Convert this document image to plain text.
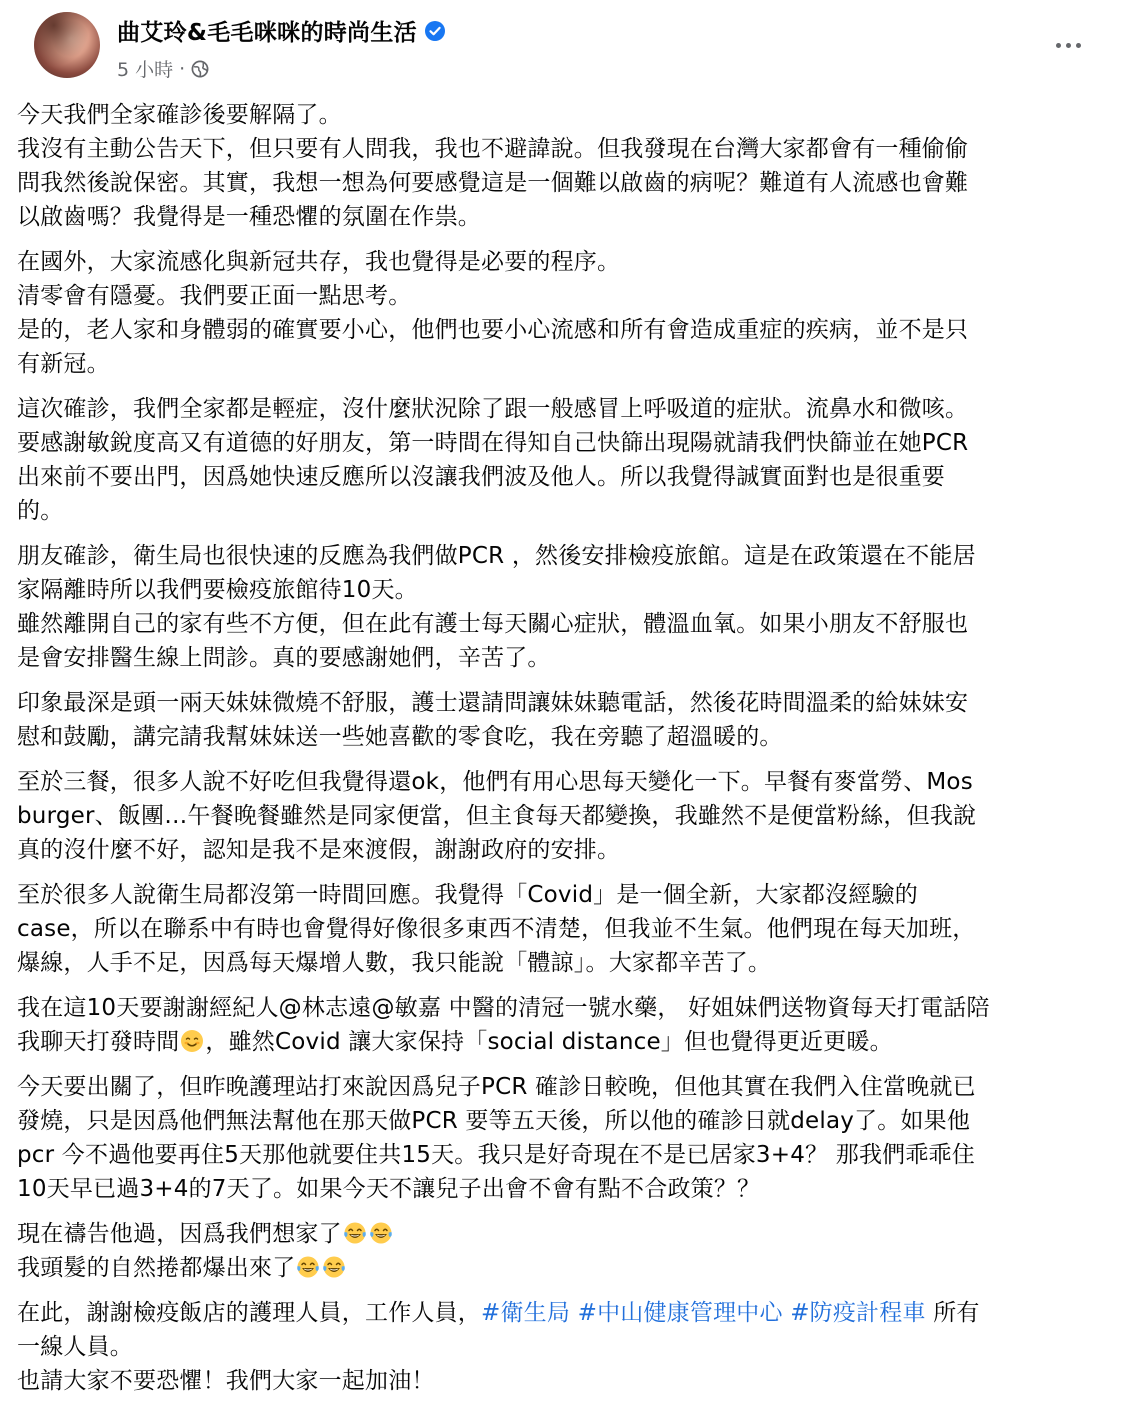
曲艾玲&毛毛咪咪的時尚生活
5 小時 ·
今天我們全家確診後要解隔了。
我沒有主動公告天下，但只要有人問我，我也不避諱說。但我發現在台灣大家都會有一種偷偷
問我然後說保密。其實，我想一想為何要感覺這是一個難以啟齒的病呢？難道有人流感也會難
以啟齒嗎？我覺得是一種恐懼的氛圍在作祟。
在國外，大家流感化與新冠共存，我也覺得是必要的程序。
清零會有隱憂。我們要正面一點思考。
是的，老人家和身體弱的確實要小心，他們也要小心流感和所有會造成重症的疾病，並不是只
有新冠。
這次確診，我們全家都是輕症，沒什麼狀況除了跟一般感冒上呼吸道的症狀。流鼻水和微咳。
要感謝敏銳度高又有道德的好朋友，第一時間在得知自己快篩出現陽就請我們快篩並在她PCR
出來前不要出門，因爲她快速反應所以沒讓我們波及他人。所以我覺得誠實面對也是很重要
的。
朋友確診，衛生局也很快速的反應為我們做PCR ，然後安排檢疫旅館。這是在政策還在不能居
家隔離時所以我們要檢疫旅館待10天。
雖然離開自己的家有些不方便，但在此有護士每天關心症狀，體溫血氧。如果小朋友不舒服也
是會安排醫生線上問診。真的要感謝她們，辛苦了。
印象最深是頭一兩天妹妹微燒不舒服，護士還請問讓妹妹聽電話，然後花時間溫柔的給妹妹安
慰和鼓勵，講完請我幫妹妹送一些她喜歡的零食吃，我在旁聽了超溫暖的。
至於三餐，很多人說不好吃但我覺得還ok，他們有用心思每天變化一下。早餐有麥當勞、Mos
burger、飯團…午餐晚餐雖然是同家便當，但主食每天都變換，我雖然不是便當粉絲，但我說
真的沒什麼不好，認知是我不是來渡假，謝謝政府的安排。
至於很多人說衛生局都沒第一時間回應。我覺得「Covid」是一個全新，大家都沒經驗的
case，所以在聯系中有時也會覺得好像很多東西不清楚，但我並不生氣。他們現在每天加班，
爆線，人手不足，因爲每天爆增人數，我只能說「體諒」。大家都辛苦了。
我在這10天要謝謝經紀人@林志遠@敏嘉 中醫的清冠一號水藥， 好姐妹們送物資每天打電話陪
我聊天打發時間 ，雖然Covid 讓大家保持「social distance」但也覺得更近更暖。
今天要出關了，但昨晚護理站打來說因爲兒子PCR 確診日較晚，但他其實在我們入住當晚就已
發燒，只是因爲他們無法幫他在那天做PCR 要等五天後，所以他的確診日就delay了。如果他
pcr 今不過他要再住5天那他就要住共15天。我只是好奇現在不是已居家3+4？ 那我們乖乖住
10天早已過3+4的7天了。如果今天不讓兒子出會不會有點不合政策？？
現在禱告他過，因爲我們想家了
我頭髮的自然捲都爆出來了
在此，謝謝檢疫飯店的護理人員，工作人員，#衛生局 #中山健康管理中心 #防疫計程車 所有
一線人員。
也請大家不要恐懼！我們大家一起加油！
